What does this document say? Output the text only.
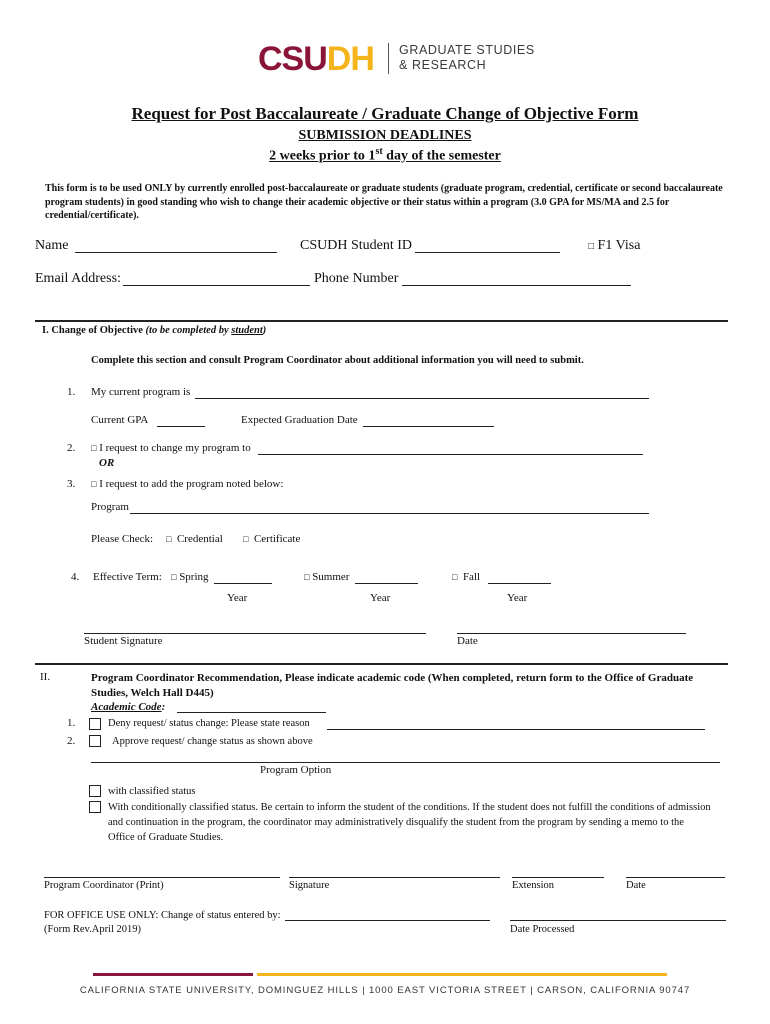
CSUDH GRADUATE STUDIES
& RESEARCH
Request for Post Baccalaureate / Graduate Change of Objective Form
SUBMISSION DEADLINES
2 weeks prior to 1st day of the semester
This form is to be used ONLY by currently enrolled post-baccalaureate or graduate students (graduate program, credential, certificate or second baccalaureate program students) in good standing who wish to change their academic objective or their status within a program (3.0 GPA for MS/MA and 2.5 for credential/certificate).
Name	CSUDH Student ID	□ F1 Visa
Email Address:	Phone Number
I. Change of Objective (to be completed by student)
Complete this section and consult Program Coordinator about additional information you will need to submit.
1. My current program is
Current GPA	Expected Graduation Date
2. □ I request to change my program to
OR
3. □ I request to add the program noted below:
Program
Please Check: □ Credential □ Certificate
4. Effective Term: □ Spring	□ Summer	□ Fall
Year	Year	Year
Student Signature	Date
II.	Program Coordinator Recommendation, Please indicate academic code (When completed, return form to the Office of Graduate Studies, Welch Hall D445)
Academic Code:
1.	Deny request/ status change: Please state reason
2.	Approve request/ change status as shown above
Program Option
with classified status
With conditionally classified status. Be certain to inform the student of the conditions. If the student does not fulfill the conditions of admission and continuation in the program, the coordinator may administratively disqualify the student from the program by sending a memo to the Office of Graduate Studies.
Program Coordinator (Print)	Signature	Extension	Date
FOR OFFICE USE ONLY: Change of status entered by:
(Form Rev.April 2019)	Date Processed
CALIFORNIA STATE UNIVERSITY, DOMINGUEZ HILLS | 1000 EAST VICTORIA STREET | CARSON, CALIFORNIA 90747
